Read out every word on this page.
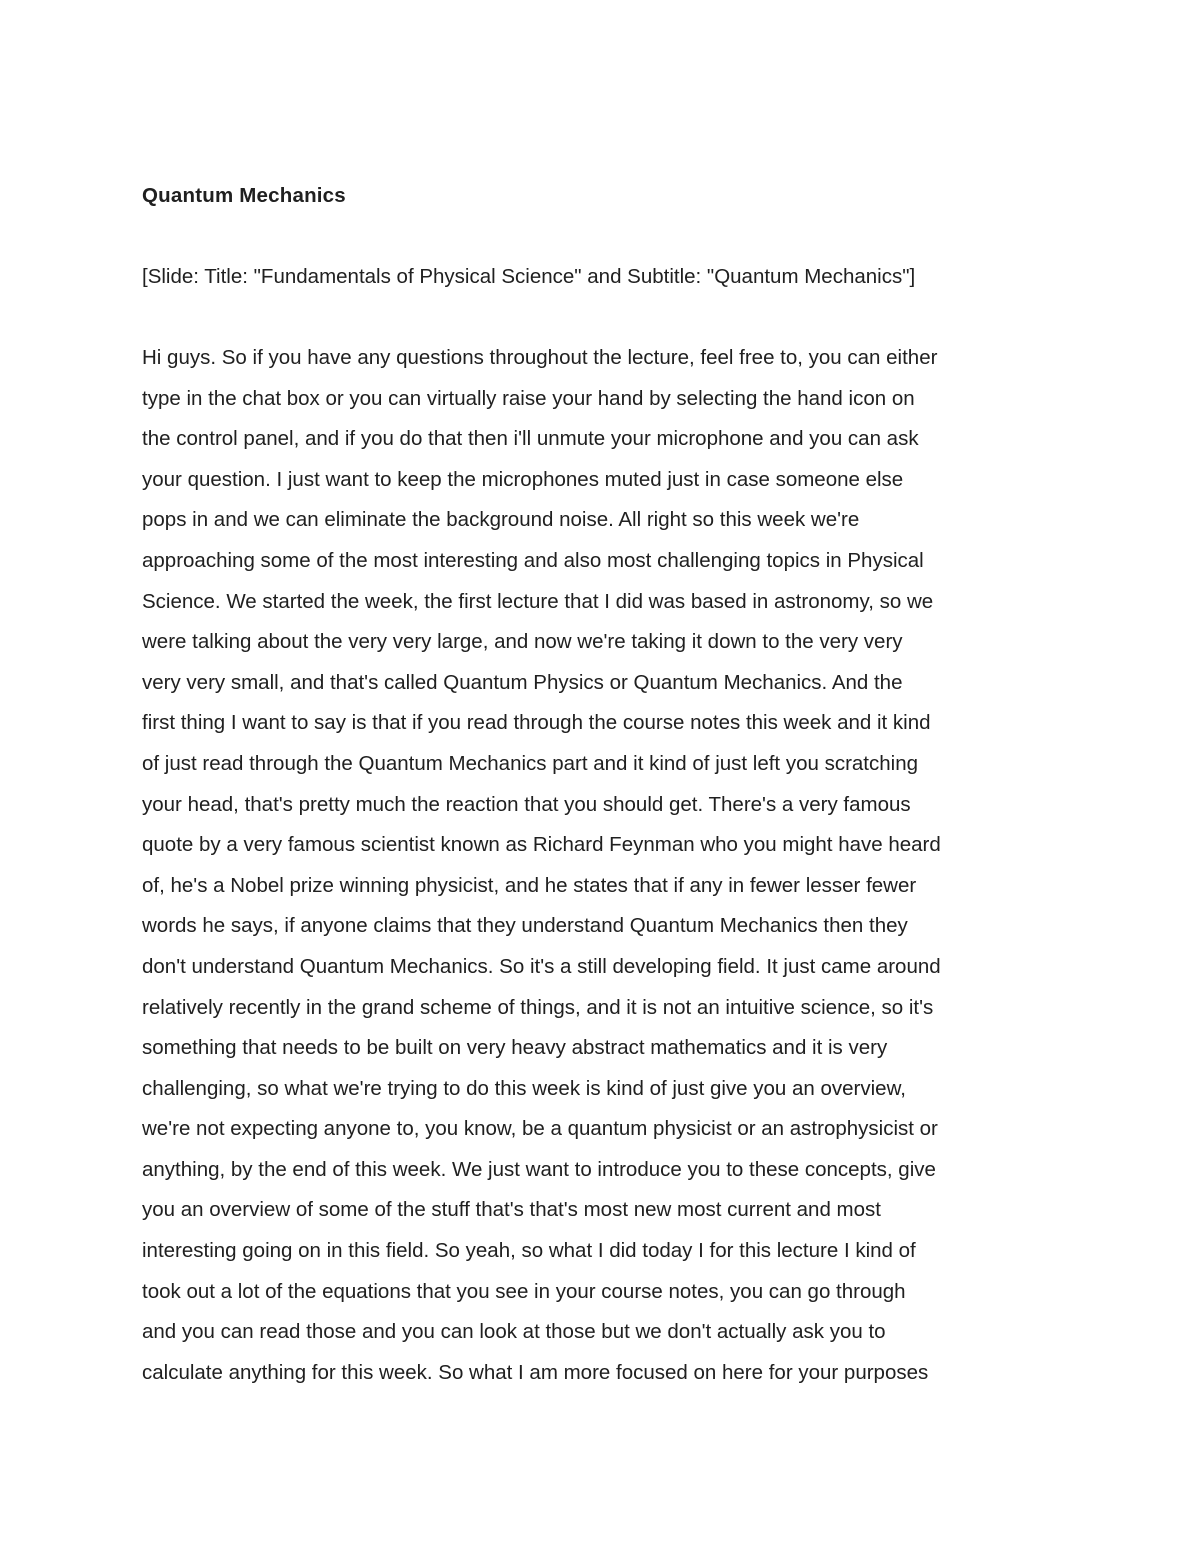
Quantum Mechanics

[Slide: Title: "Fundamentals of Physical Science" and Subtitle: "Quantum Mechanics"]

Hi guys. So if you have any questions throughout the lecture, feel free to, you can either
type in the chat box or you can virtually raise your hand by selecting the hand icon on
the control panel, and if you do that then i'll unmute your microphone and you can ask
your question. I just want to keep the microphones muted just in case someone else
pops in and we can eliminate the background noise. All right so this week we're
approaching some of the most interesting and also most challenging topics in Physical
Science. We started the week, the first lecture that I did was based in astronomy, so we
were talking about the very very large, and now we're taking it down to the very very
very very small, and that's called Quantum Physics or Quantum Mechanics. And the
first thing I want to say is that if you read through the course notes this week and it kind
of just read through the Quantum Mechanics part and it kind of just left you scratching
your head, that's pretty much the reaction that you should get. There's a very famous
quote by a very famous scientist known as Richard Feynman who you might have heard
of, he's a Nobel prize winning physicist, and he states that if any in fewer lesser fewer
words he says, if anyone claims that they understand Quantum Mechanics then they
don't understand Quantum Mechanics. So it's a still developing field. It just came around
relatively recently in the grand scheme of things, and it is not an intuitive science, so it's
something that needs to be built on very heavy abstract mathematics and it is very
challenging, so what we're trying to do this week is kind of just give you an overview,
we're not expecting anyone to, you know, be a quantum physicist or an astrophysicist or
anything, by the end of this week. We just want to introduce you to these concepts, give
you an overview of some of the stuff that's that's most new most current and most
interesting going on in this field. So yeah, so what I did today I for this lecture I kind of
took out a lot of the equations that you see in your course notes, you can go through
and you can read those and you can look at those but we don't actually ask you to
calculate anything for this week. So what I am more focused on here for your purposes
